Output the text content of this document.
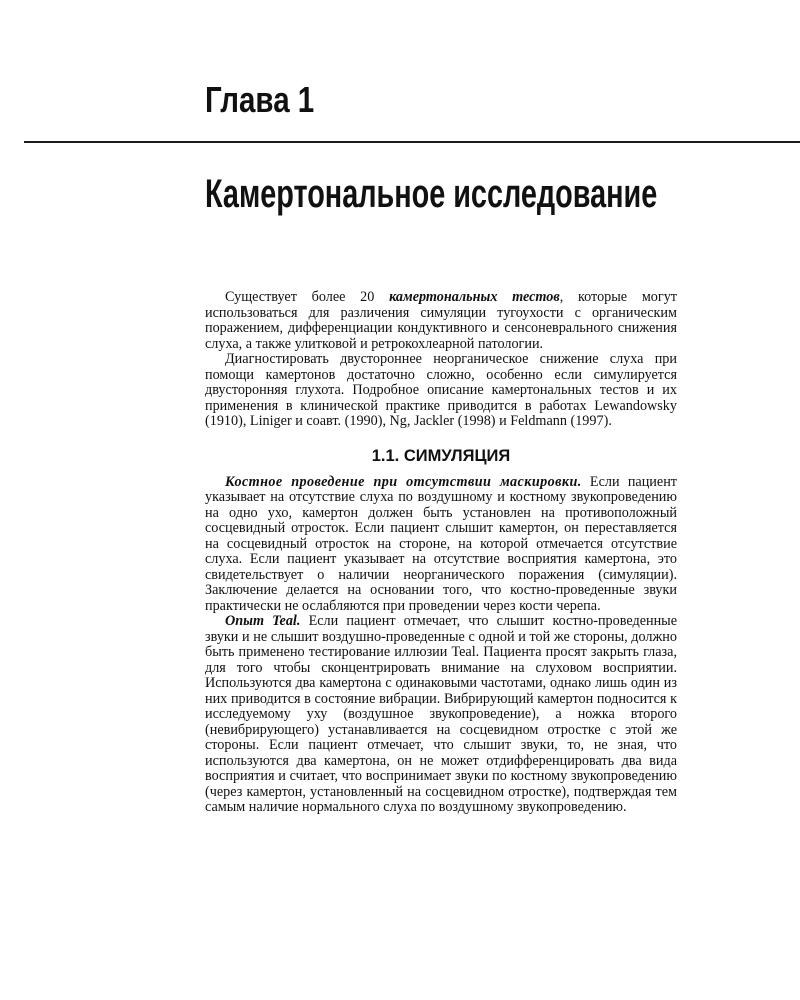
Глава 1
Камертональное исследование

Существует более 20 камертональных тестов, которые могут использоваться для различения симуляции тугоухости с органическим поражением, дифференциации кондуктивного и сенсоневрального снижения слуха, а также улитковой и ретрокохлеарной патологии.

Диагностировать двустороннее неорганическое снижение слуха при помощи камертонов достаточно сложно, особенно если симулируется двусторонняя глухота. Подробное описание камертональных тестов и их применения в клинической практике приводится в работах Lewandowsky (1910), Liniger и соавт. (1990), Ng, Jackler (1998) и Feldmann (1997).

1.1. СИМУЛЯЦИЯ

Костное проведение при отсутствии маскировки. Если пациент указывает на отсутствие слуха по воздушному и костному звукопроведению на одно ухо, камертон должен быть установлен на противоположный сосцевидный отросток. Если пациент слышит камертон, он переставляется на сосцевидный отросток на стороне, на которой отмечается отсутствие слуха. Если пациент указывает на отсутствие восприятия камертона, это свидетельствует о наличии неорганического поражения (симуляции). Заключение делается на основании того, что костно-проведенные звуки практически не ослабляются при проведении через кости черепа.

Опыт Teal. Если пациент отмечает, что слышит костно-проведенные звуки и не слышит воздушно-проведенные с одной и той же стороны, должно быть применено тестирование иллюзии Teal. Пациента просят закрыть глаза, для того чтобы сконцентрировать внимание на слуховом восприятии. Используются два камертона с одинаковыми частотами, однако лишь один из них приводится в состояние вибрации. Вибрирующий камертон подносится к исследуемому уху (воздушное звукопроведение), а ножка второго (невибрирующего) устанавливается на сосцевидном отростке с этой же стороны. Если пациент отмечает, что слышит звуки, то, не зная, что используются два камертона, он не может отдифференцировать два вида восприятия и считает, что воспринимает звуки по костному звукопроведению (через камертон, установленный на сосцевидном отростке), подтверждая тем самым наличие нормального слуха по воздушному звукопроведению.
